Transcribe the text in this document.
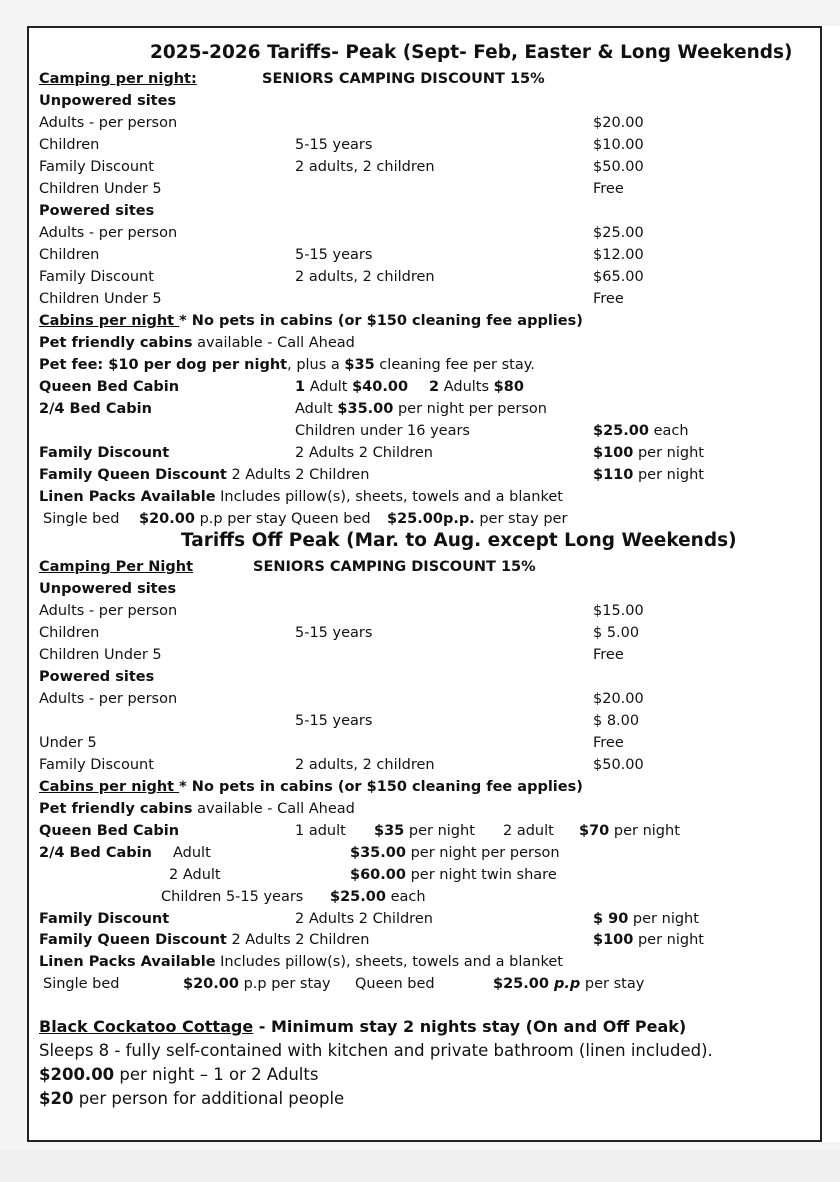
2025-2026 Tariffs- Peak (Sept- Feb, Easter & Long Weekends)
Camping per night:	SENIORS CAMPING DISCOUNT 15%
Unpowered sites
Adults - per person	$20.00
Children	5-15 years	$10.00
Family Discount	2 adults, 2 children	$50.00
Children Under 5	Free
Powered sites
Adults - per person	$25.00
Children	5-15 years	$12.00
Family Discount	2 adults, 2 children	$65.00
Children Under 5	Free
Cabins per night * No pets in cabins (or $150 cleaning fee applies)
Pet friendly cabins available - Call Ahead
Pet fee: $10 per dog per night, plus a $35 cleaning fee per stay.
Queen Bed Cabin	1 Adult $40.00 2 Adults $80
2/4 Bed Cabin	Adult $35.00 per night per person
Children under 16 years	$25.00 each
Family Discount	2 Adults 2 Children	$100 per night
Family Queen Discount 2 Adults 2 Children	$110 per night
Linen Packs Available Includes pillow(s), sheets, towels and a blanket
Single bed $20.00 p.p per stay Queen bed $25.00p.p. per stay per
Tariffs Off Peak (Mar. to Aug. except Long Weekends)
Camping Per Night	SENIORS CAMPING DISCOUNT 15%
Unpowered sites
Adults - per person	$15.00
Children	5-15 years	$ 5.00
Children Under 5	Free
Powered sites
Adults - per person	$20.00
5-15 years	$ 8.00
Under 5	Free
Family Discount	2 adults, 2 children	$50.00
Cabins per night * No pets in cabins (or $150 cleaning fee applies)
Pet friendly cabins available - Call Ahead
Queen Bed Cabin	1 adult $35 per night 2 adult $70 per night
2/4 Bed Cabin Adult	$35.00 per night per person
2 Adult	$60.00 per night twin share
Children 5-15 years $25.00 each
Family Discount	2 Adults 2 Children	$ 90 per night
Family Queen Discount 2 Adults 2 Children	$100 per night
Linen Packs Available Includes pillow(s), sheets, towels and a blanket
Single bed	$20.00 p.p per stay Queen bed	$25.00 p.p per stay
Black Cockatoo Cottage - Minimum stay 2 nights stay (On and Off Peak)
Sleeps 8 - fully self-contained with kitchen and private bathroom (linen included).
$200.00 per night – 1 or 2 Adults
$20 per person for additional people
